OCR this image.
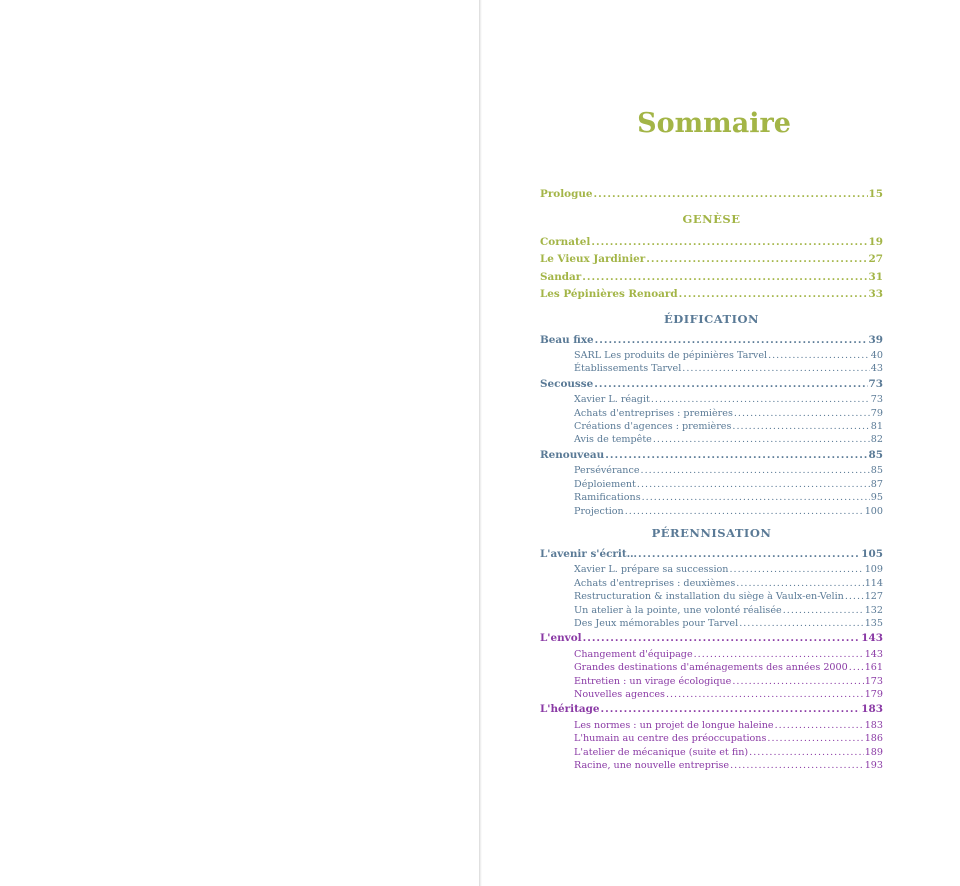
Sommaire
Prologue .....	15
GENÈSE
Cornatel .....	19
Le Vieux Jardinier .....	27
Sandar .....	31
Les Pépinières Renoard .....	33
ÉDIFICATION
Beau fixe .....	39
SARL Les produits de pépinières Tarvel .....	40
Établissements Tarvel .....	43
Secousse .....	73
Xavier L. réagit .....	73
Achats d'entreprises : premières .....	79
Créations d'agences : premières .....	81
Avis de tempête .....	82
Renouveau .....	85
Persévérance .....	85
Déploiement .....	87
Ramifications .....	95
Projection .....	100
PÉRENNISATION
L'avenir s'écrit… .....	105
Xavier L. prépare sa succession .....	109
Achats d'entreprises : deuxièmes .....	114
Restructuration & installation du siège à Vaulx-en-Velin ..... 127
Un atelier à la pointe, une volonté réalisée .....	132
Des Jeux mémorables pour Tarvel .....	135
L'envol .....	143
Changement d'équipage .....	143
Grandes destinations d'aménagements des années 2000 ..... 161
Entretien : un virage écologique .....	173
Nouvelles agences .....	179
L'héritage .....	183
Les normes : un projet de longue haleine .....	183
L'humain au centre des préoccupations .....	186
L'atelier de mécanique (suite et fin) .....	189
Racine, une nouvelle entreprise .....	193
